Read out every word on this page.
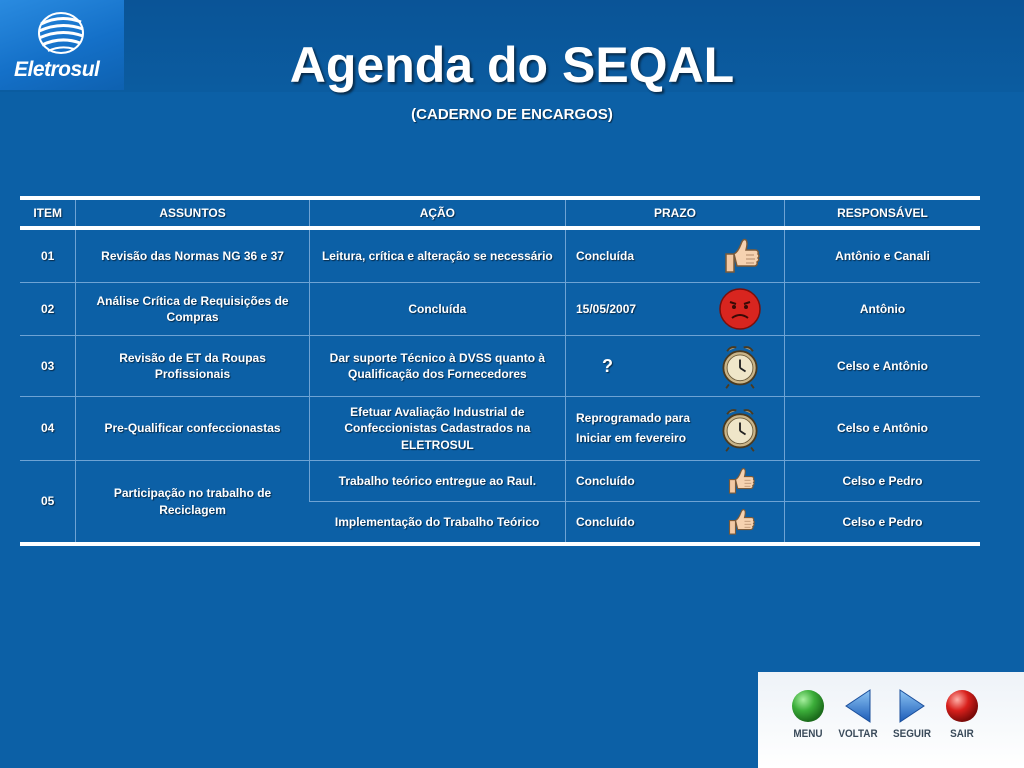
Eletrosul	Agenda do SEQAL
(CADERNO DE ENCARGOS)
ITEM	ASSUNTOS	AÇÃO	PRAZO	RESPONSÁVEL
01	Revisão das Normas NG 36 e 37	Leitura, crítica e alteração se necessário	Concluída	Antônio e Canali
02	Análise Crítica de Requisições de Compras	Concluída	15/05/2007	Antônio
03	Revisão de ET da Roupas Profissionais	Dar suporte Técnico à DVSS quanto à Qualificação dos Fornecedores	?	Celso e Antônio
04	Pre-Qualificar confeccionastas	Efetuar Avaliação Industrial de Confeccionistas Cadastrados na ELETROSUL	Reprogramado para Iniciar em fevereiro	Celso e Antônio
05	Participação no trabalho de Reciclagem	Trabalho teórico entregue ao Raul.	Concluído	Celso e Pedro
		Implementação do Trabalho Teórico	Concluído	Celso e Pedro
MENU	VOLTAR	SEGUIR	SAIR
